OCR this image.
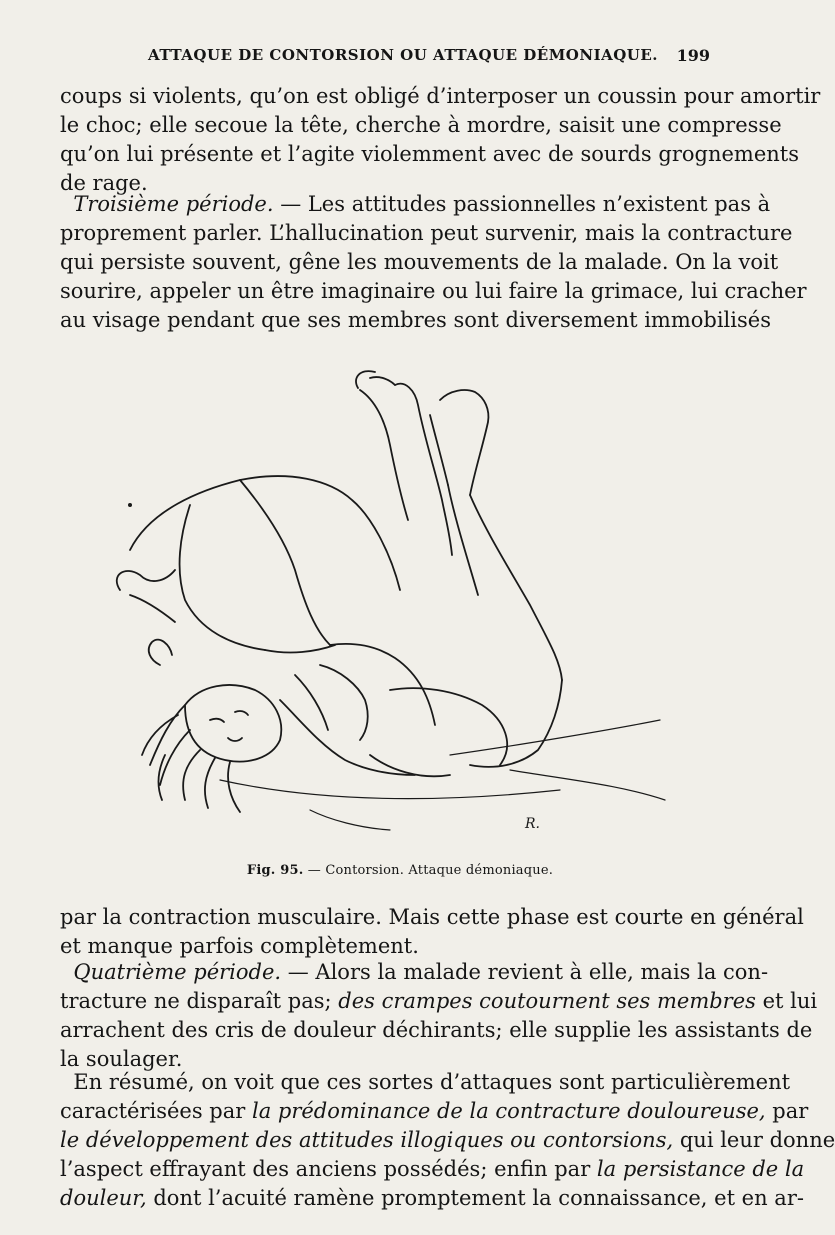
ATTAQUE DE CONTORSION OU ATTAQUE DÉMONIAQUE. 199

coups si violents, qu’on est obligé d’interposer un coussin pour amortir
le choc; elle secoue la tête, cherche à mordre, saisit une compresse
qu’on lui présente et l’agite violemment avec de sourds grognements
de rage.

Troisième période. — Les attitudes passionnelles n’existent pas à
proprement parler. L’hallucination peut survenir, mais la contracture
qui persiste souvent, gêne les mouvements de la malade. On la voit
sourire, appeler un être imaginaire ou lui faire la grimace, lui cracher
au visage pendant que ses membres sont diversement immobilisés

R.
Fig. 95. — Contorsion. Attaque démoniaque.

par la contraction musculaire. Mais cette phase est courte en général
et manque parfois complètement.

Quatrième période. — Alors la malade revient à elle, mais la con-
tracture ne disparaît pas; des crampes coutournent ses membres et lui
arrachent des cris de douleur déchirants; elle supplie les assistants de
la soulager.

En résumé, on voit que ces sortes d’attaques sont particulièrement
caractérisées par la prédominance de la contracture douloureuse, par
le développement des attitudes illogiques ou contorsions, qui leur donne
l’aspect effrayant des anciens possédés; enfin par la persistance de la
douleur, dont l’acuité ramène promptement la connaissance, et en ar-
